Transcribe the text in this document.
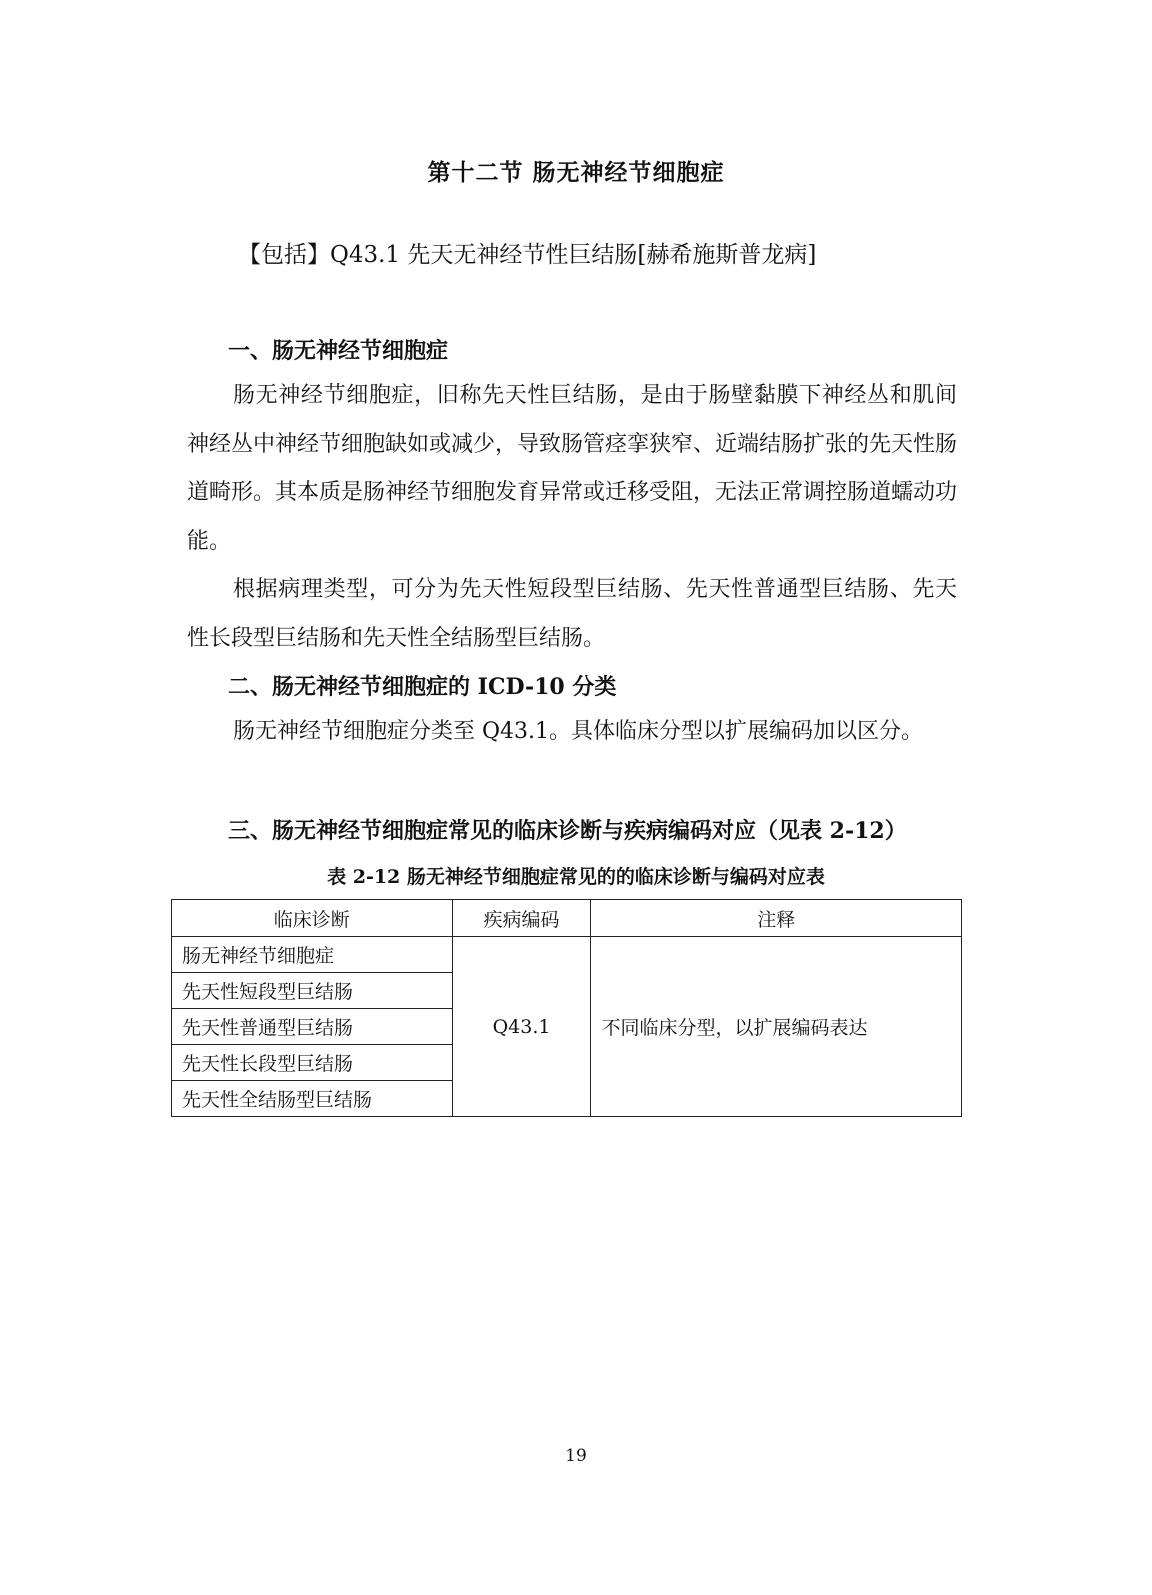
第十二节 肠无神经节细胞症
【包括】Q43.1 先天无神经节性巨结肠[赫希施斯普龙病]
一、肠无神经节细胞症
肠无神经节细胞症，旧称先天性巨结肠，是由于肠壁黏膜下神经丛和肌间神经丛中神经节细胞缺如或减少，导致肠管痉挛狭窄、近端结肠扩张的先天性肠道畸形。其本质是肠神经节细胞发育异常或迁移受阻，无法正常调控肠道蠕动功能。
根据病理类型，可分为先天性短段型巨结肠、先天性普通型巨结肠、先天性长段型巨结肠和先天性全结肠型巨结肠。
二、肠无神经节细胞症的 ICD-10 分类
肠无神经节细胞症分类至 Q43.1。具体临床分型以扩展编码加以区分。
三、肠无神经节细胞症常见的临床诊断与疾病编码对应（见表 2-12）
表 2-12 肠无神经节细胞症常见的的临床诊断与编码对应表
临床诊断	疾病编码	注释
肠无神经节细胞症	Q43.1	不同临床分型，以扩展编码表达
先天性短段型巨结肠		
先天性普通型巨结肠		
先天性长段型巨结肠		
先天性全结肠型巨结肠		
19
